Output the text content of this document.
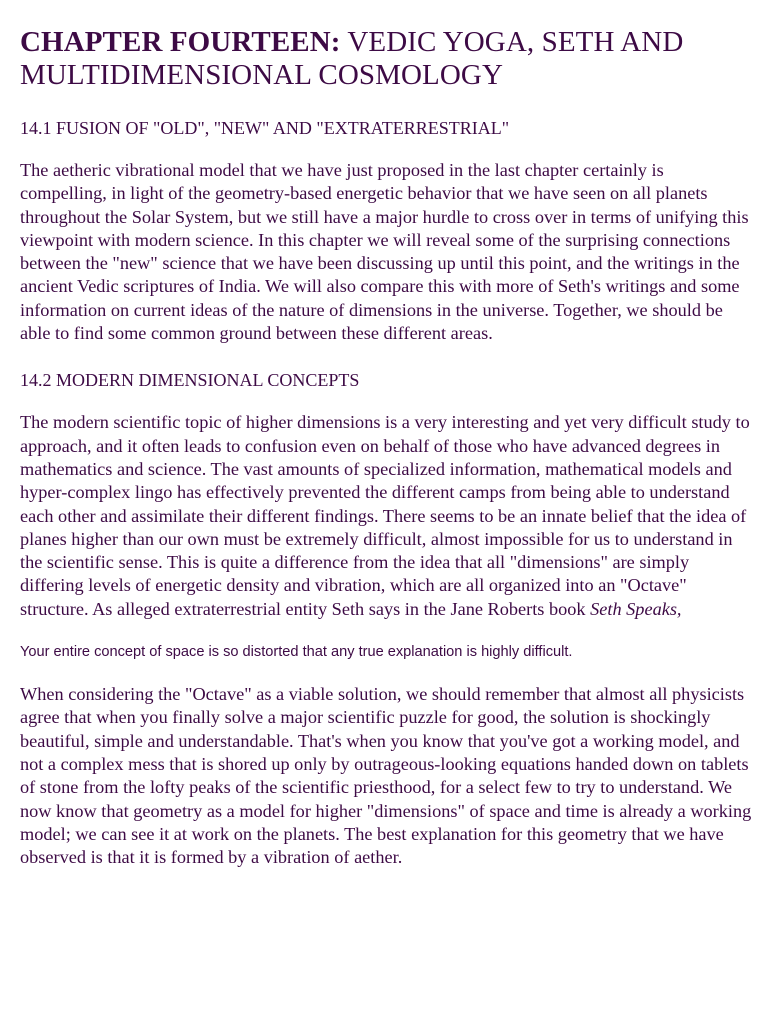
CHAPTER FOURTEEN: VEDIC YOGA, SETH AND MULTIDIMENSIONAL COSMOLOGY
14.1 FUSION OF "OLD", "NEW" AND "EXTRATERRESTRIAL"

The aetheric vibrational model that we have just proposed in the last chapter certainly is compelling, in light of the geometry-based energetic behavior that we have seen on all planets throughout the Solar System, but we still have a major hurdle to cross over in terms of unifying this viewpoint with modern science. In this chapter we will reveal some of the surprising connections between the "new" science that we have been discussing up until this point, and the writings in the ancient Vedic scriptures of India. We will also compare this with more of Seth's writings and some information on current ideas of the nature of dimensions in the universe. Together, we should be able to find some common ground between these different areas.

14.2 MODERN DIMENSIONAL CONCEPTS

The modern scientific topic of higher dimensions is a very interesting and yet very difficult study to approach, and it often leads to confusion even on behalf of those who have advanced degrees in mathematics and science. The vast amounts of specialized information, mathematical models and hyper-complex lingo has effectively prevented the different camps from being able to understand each other and assimilate their different findings. There seems to be an innate belief that the idea of planes higher than our own must be extremely difficult, almost impossible for us to understand in the scientific sense. This is quite a difference from the idea that all "dimensions" are simply differing levels of energetic density and vibration, which are all organized into an "Octave" structure. As alleged extraterrestrial entity Seth says in the Jane Roberts book Seth Speaks,

Your entire concept of space is so distorted that any true explanation is highly difficult.

When considering the "Octave" as a viable solution, we should remember that almost all physicists agree that when you finally solve a major scientific puzzle for good, the solution is shockingly beautiful, simple and understandable. That's when you know that you've got a working model, and not a complex mess that is shored up only by outrageous-looking equations handed down on tablets of stone from the lofty peaks of the scientific priesthood, for a select few to try to understand. We now know that geometry as a model for higher "dimensions" of space and time is already a working model; we can see it at work on the planets. The best explanation for this geometry that we have observed is that it is formed by a vibration of aether.
